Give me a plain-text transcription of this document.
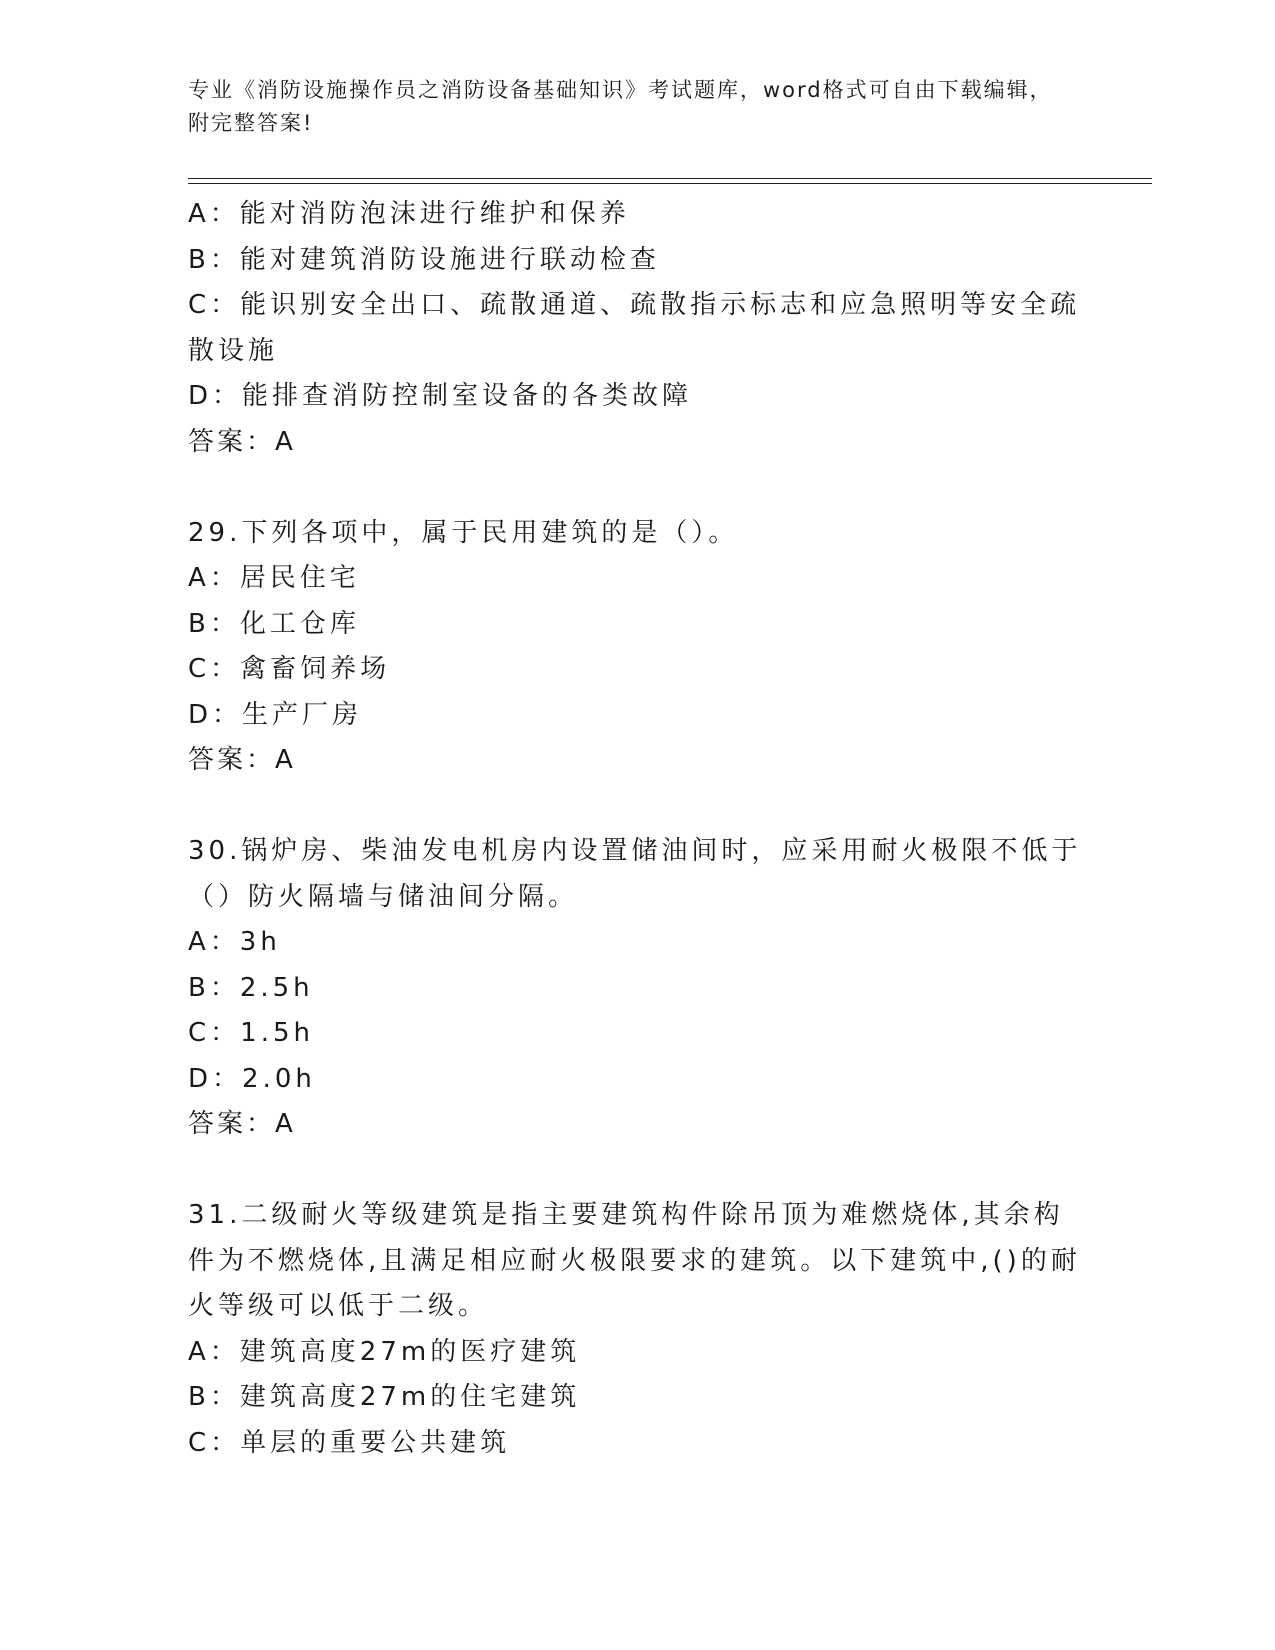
专业《消防设施操作员之消防设备基础知识》考试题库，word格式可自由下载编辑，附完整答案!
A：能对消防泡沫进行维护和保养
B：能对建筑消防设施进行联动检查
C：能识别安全出口、疏散通道、疏散指示标志和应急照明等安全疏散设施
D：能排查消防控制室设备的各类故障
答案：A
29.下列各项中，属于民用建筑的是（）。
A：居民住宅
B：化工仓库
C：禽畜饲养场
D：生产厂房
答案：A
30.锅炉房、柴油发电机房内设置储油间时，应采用耐火极限不低于（）防火隔墙与储油间分隔。
A：3h
B：2.5h
C：1.5h
D：2.0h
答案：A
31.二级耐火等级建筑是指主要建筑构件除吊顶为难燃烧体,其余构件为不燃烧体,且满足相应耐火极限要求的建筑。以下建筑中,()的耐火等级可以低于二级。
A：建筑高度27m的医疗建筑
B：建筑高度27m的住宅建筑
C：单层的重要公共建筑
